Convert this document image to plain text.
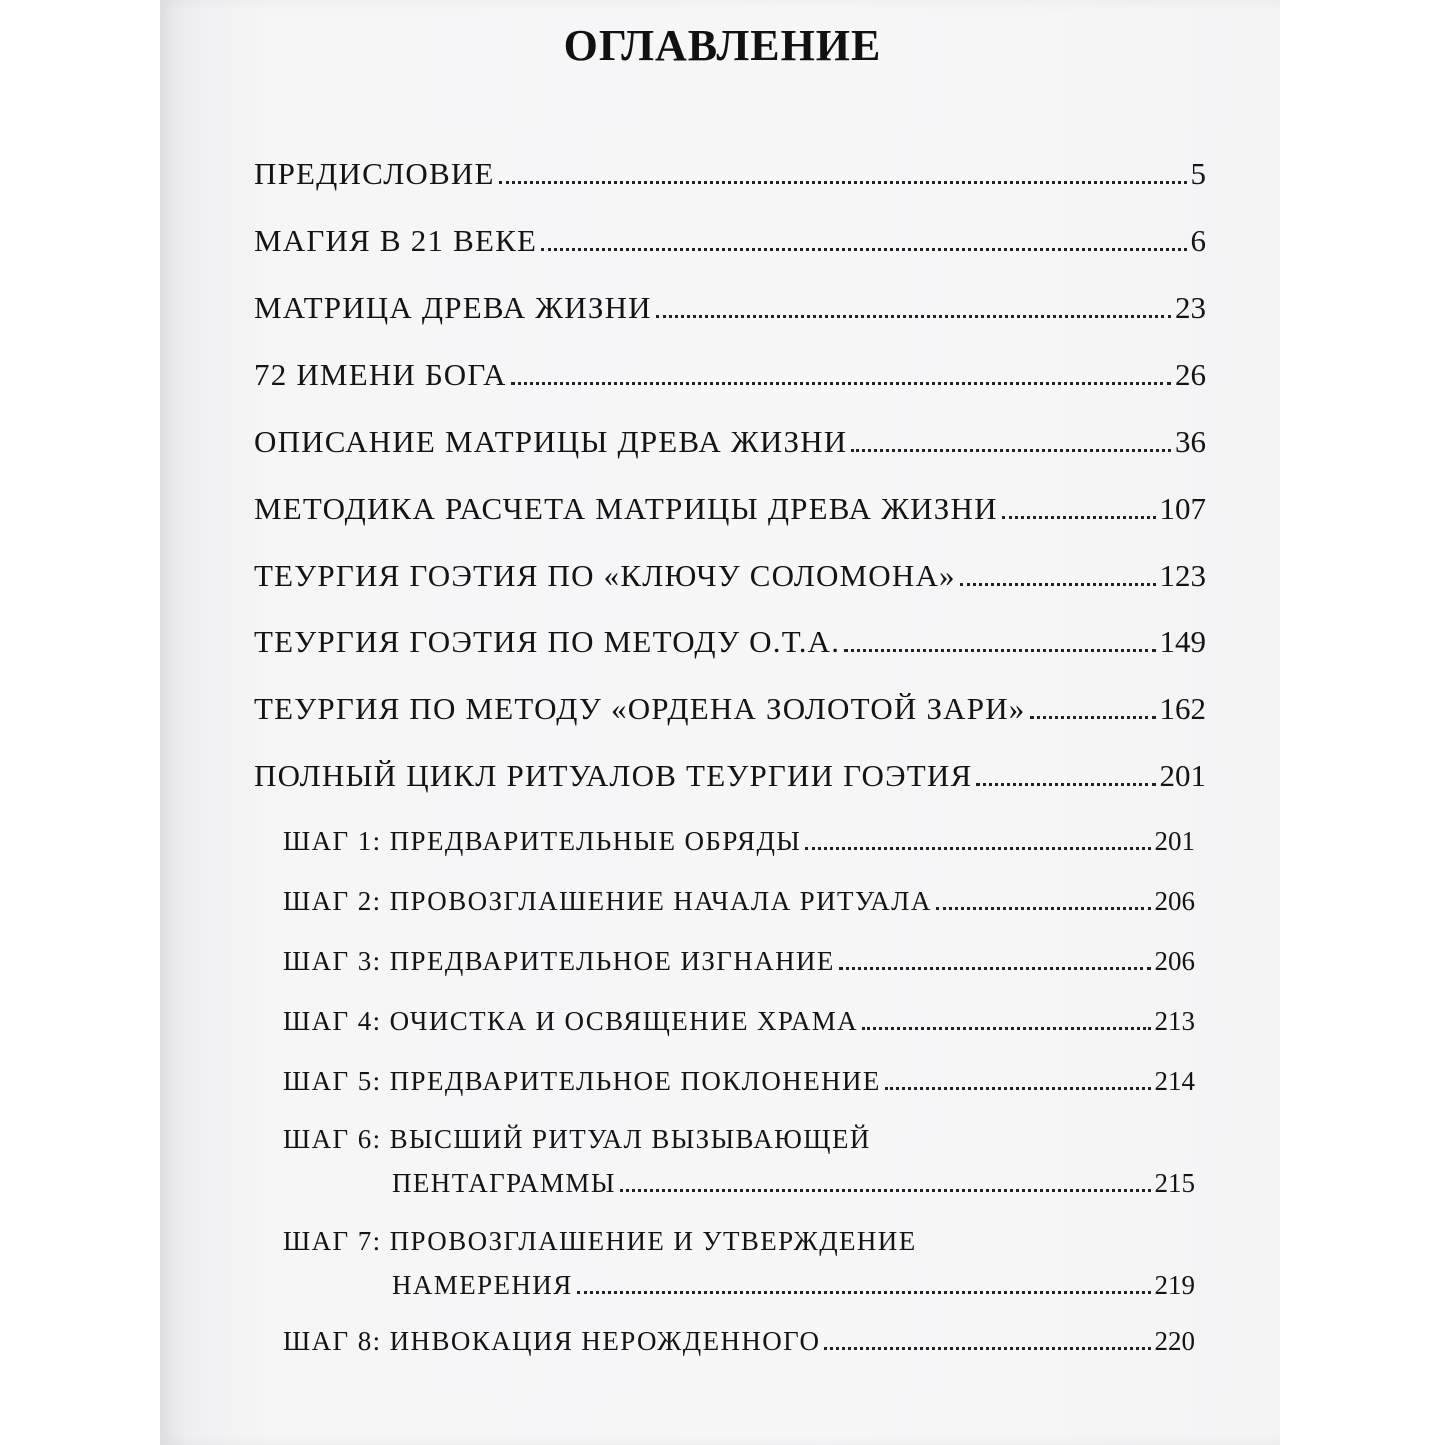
ОГЛАВЛЕНИЕ
ПРЕДИСЛОВИЕ	5
МАГИЯ В 21 ВЕКЕ	6
МАТРИЦА ДРЕВА ЖИЗНИ	23
72 ИМЕНИ БОГА	26
ОПИСАНИЕ МАТРИЦЫ ДРЕВА ЖИЗНИ	36
МЕТОДИКА РАСЧЕТА МАТРИЦЫ ДРЕВА ЖИЗНИ	107
ТЕУРГИЯ ГОЭТИЯ ПО «КЛЮЧУ СОЛОМОНА»	123
ТЕУРГИЯ ГОЭТИЯ ПО МЕТОДУ О.Т.А.	149
ТЕУРГИЯ ПО МЕТОДУ «ОРДЕНА ЗОЛОТОЙ ЗАРИ»	162
ПОЛНЫЙ ЦИКЛ РИТУАЛОВ ТЕУРГИИ ГОЭТИЯ	201
ШАГ 1: ПРЕДВАРИТЕЛЬНЫЕ ОБРЯДЫ	201
ШАГ 2: ПРОВОЗГЛАШЕНИЕ НАЧАЛА РИТУАЛА	206
ШАГ 3: ПРЕДВАРИТЕЛЬНОЕ ИЗГНАНИЕ	206
ШАГ 4: ОЧИСТКА И ОСВЯЩЕНИЕ ХРАМА	213
ШАГ 5: ПРЕДВАРИТЕЛЬНОЕ ПОКЛОНЕНИЕ	214
ШАГ 6: ВЫСШИЙ РИТУАЛ ВЫЗЫВАЮЩЕЙ
ПЕНТАГРАММЫ	215
ШАГ 7: ПРОВОЗГЛАШЕНИЕ И УТВЕРЖДЕНИЕ
НАМЕРЕНИЯ	219
ШАГ 8: ИНВОКАЦИЯ НЕРОЖДЕННОГО	220
